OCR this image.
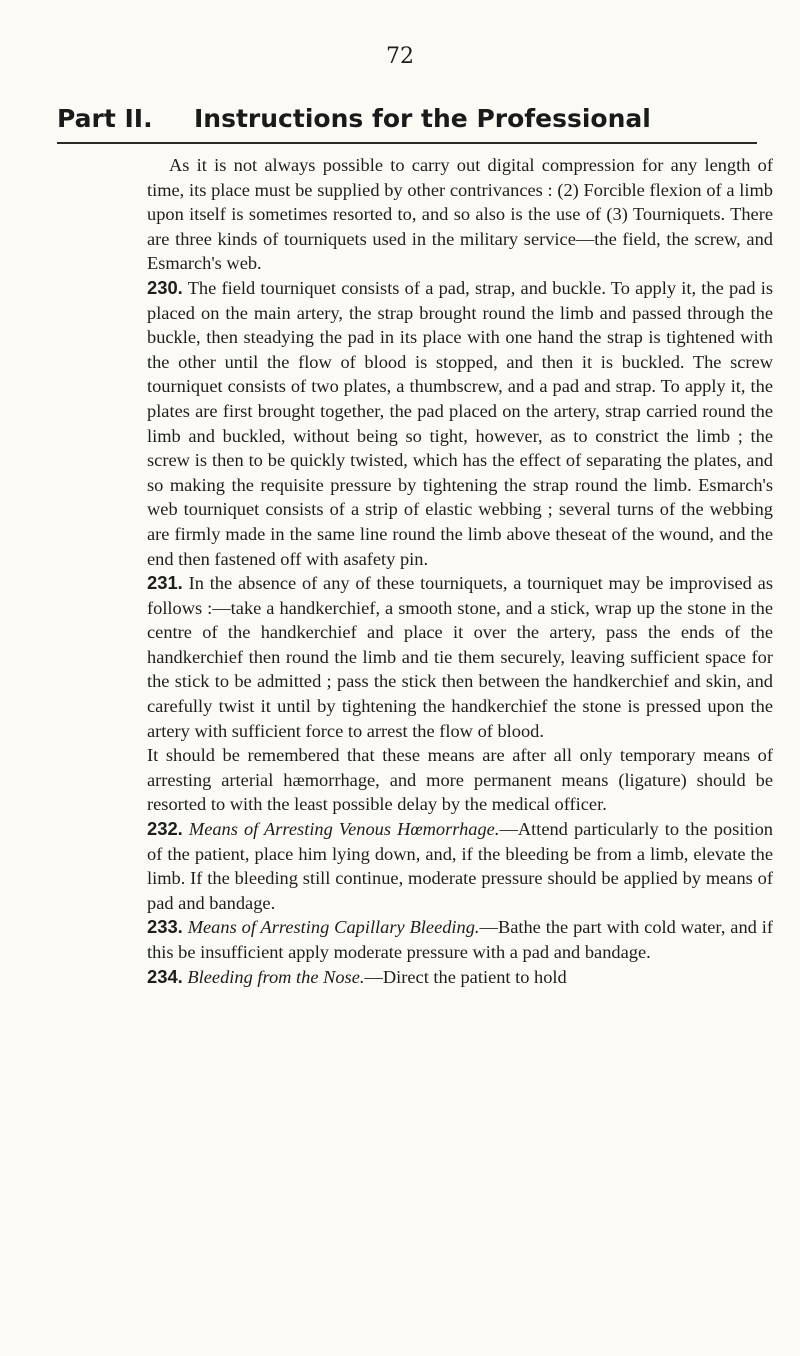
72
Part II. Instructions for the Professional

As it is not always possible to carry out digital compression for any length of time, its place must be supplied by other contrivances : (2) Forcible flexion of a limb upon itself is sometimes resorted to, and so also is the use of (3) Tourniquets. There are three kinds of tourniquets used in the military service—the field, the screw, and Esmarch's web.

230. The field tourniquet consists of a pad, strap, and buckle. To apply it, the pad is placed on the main artery, the strap brought round the limb and passed through the buckle, then steadying the pad in its place with one hand the strap is tightened with the other until the flow of blood is stopped, and then it is buckled. The screw tourniquet consists of two plates, a thumbscrew, and a pad and strap. To apply it, the plates are first brought together, the pad placed on the artery, strap carried round the limb and buckled, without being so tight, however, as to constrict the limb ; the screw is then to be quickly twisted, which has the effect of separating the plates, and so making the requisite pressure by tightening the strap round the limb. Esmarch's web tourniquet consists of a strip of elastic webbing ; several turns of the webbing are firmly made in the same line round the limb above theseat of the wound, and the end then fastened off with asafety pin.

231. In the absence of any of these tourniquets, a tourniquet may be improvised as follows :—take a handkerchief, a smooth stone, and a stick, wrap up the stone in the centre of the handkerchief and place it over the artery, pass the ends of the handkerchief then round the limb and tie them securely, leaving sufficient space for the stick to be admitted ; pass the stick then between the handkerchief and skin, and carefully twist it until by tightening the handkerchief the stone is pressed upon the artery with sufficient force to arrest the flow of blood.

It should be remembered that these means are after all only temporary means of arresting arterial hæmorrhage, and more permanent means (ligature) should be resorted to with the least possible delay by the medical officer.

232. Means of Arresting Venous Hœmorrhage.—Attend particularly to the position of the patient, place him lying down, and, if the bleeding be from a limb, elevate the limb. If the bleeding still continue, moderate pressure should be applied by means of pad and bandage.

233. Means of Arresting Capillary Bleeding.—Bathe the part with cold water, and if this be insufficient apply moderate pressure with a pad and bandage.

234. Bleeding from the Nose.—Direct the patient to hold
